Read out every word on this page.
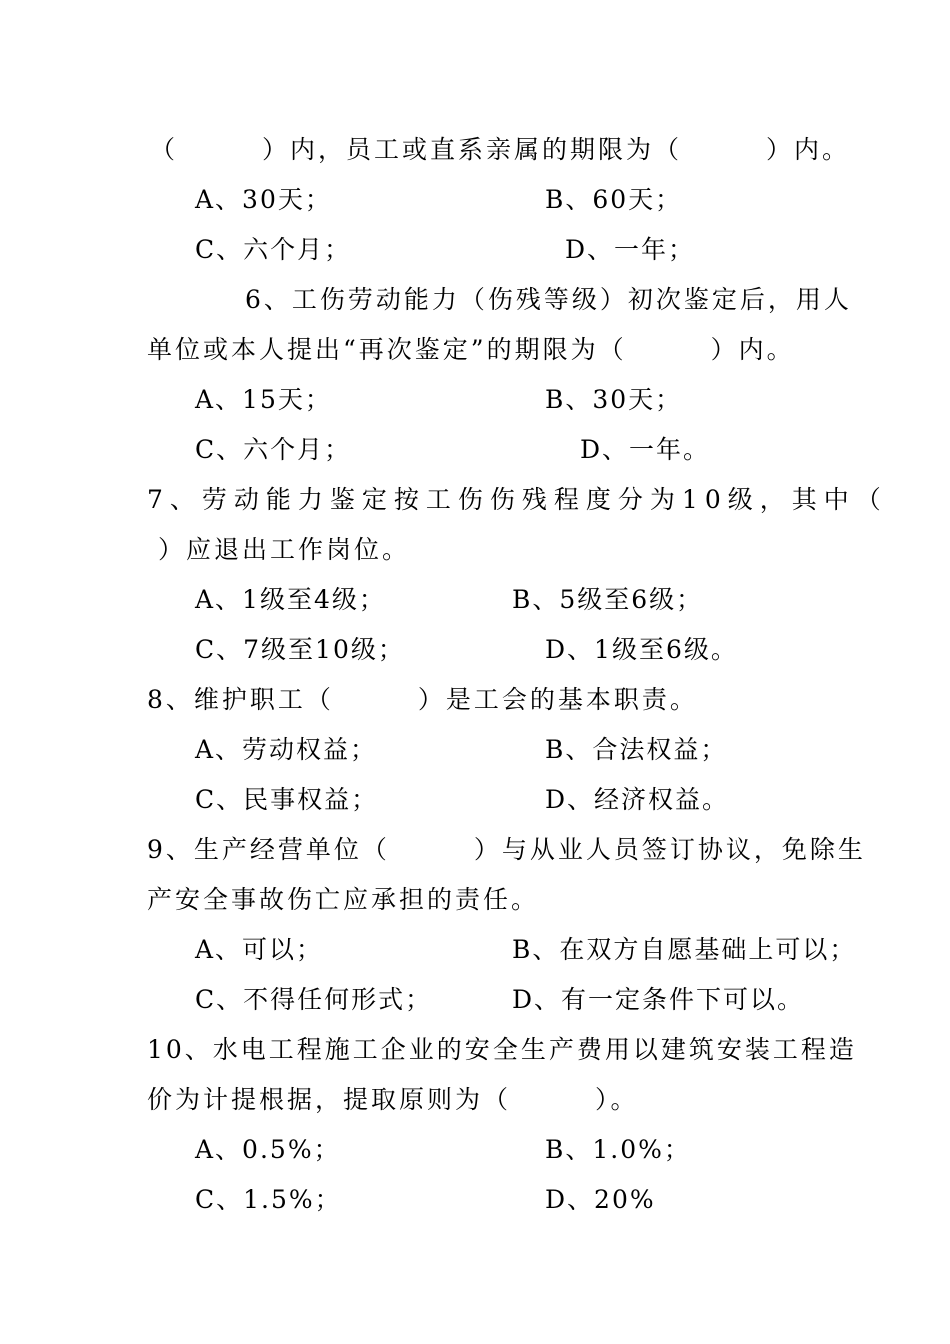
（　　　）内，员工或直系亲属的期限为（　　　）内。
A、30天；	B、60天；
C、六个月；	D、一年；
6、工伤劳动能力（伤残等级）初次鉴定后，用人
单位或本人提出“再次鉴定”的期限为（　　　）内。
A、15天；	B、30天；
C、六个月；	D、一年。
7、劳动能力鉴定按工伤伤残程度分为10级，其中（
）应退出工作岗位。
A、1级至4级；	B、5级至6级；
C、7级至10级；	D、1级至6级。
8、维护职工（　　　）是工会的基本职责。
A、劳动权益；	B、合法权益；
C、民事权益；	D、经济权益。
9、生产经营单位（　　　）与从业人员签订协议，免除生
产安全事故伤亡应承担的责任。
A、可以；	B、在双方自愿基础上可以；
C、不得任何形式；	D、有一定条件下可以。
10、水电工程施工企业的安全生产费用以建筑安装工程造
价为计提根据，提取原则为（　　　）。
A、0.5%；	B、1.0%；
C、1.5%；	D、20%
